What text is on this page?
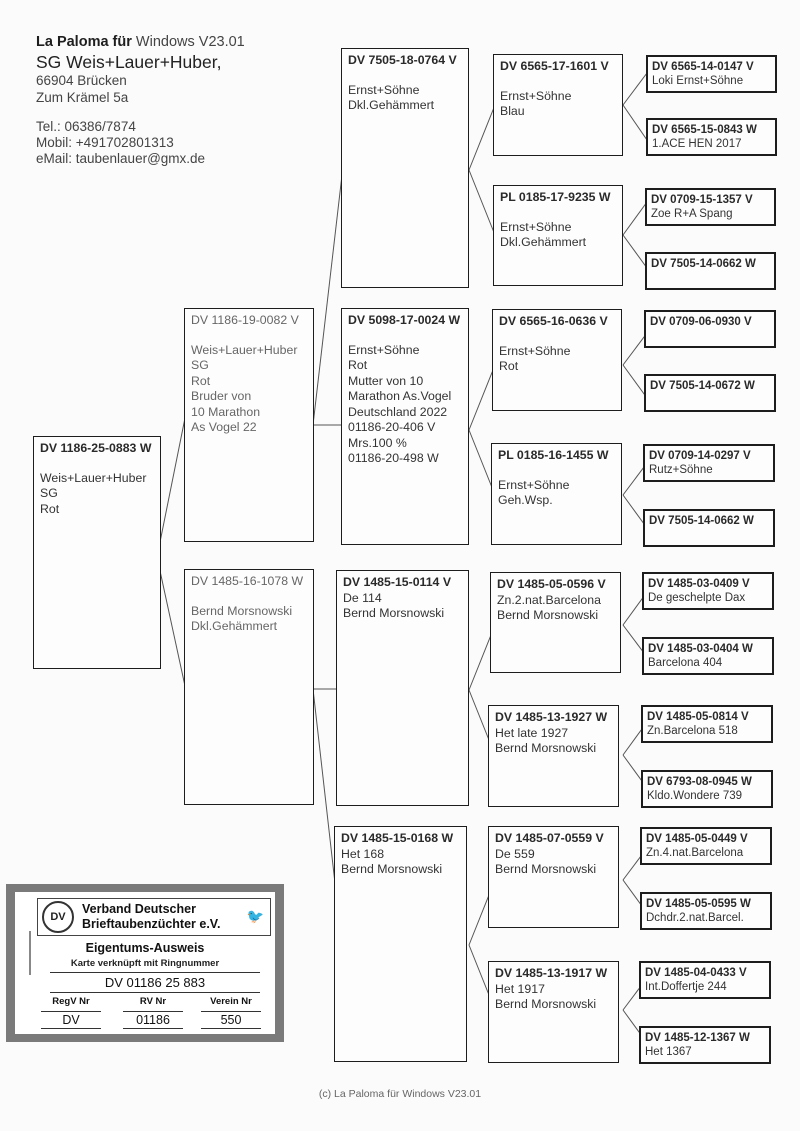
La Paloma für Windows V23.01
SG Weis+Lauer+Huber,
66904 Brücken
Zum Krämel 5a
Tel.: 06386/7874
Mobil: +491702801313
eMail: taubenlauer@gmx.de
DV 1186-25-0883 W
Weis+Lauer+Huber
SG
Rot
DV 1186-19-0082 V
Weis+Lauer+Huber
SG
Rot
Bruder von
10 Marathon
As Vogel 22
DV 1485-16-1078 W
Bernd Morsnowski
Dkl.Gehämmert
DV 7505-18-0764 V
Ernst+Söhne
Dkl.Gehämmert
DV 5098-17-0024 W
Ernst+Söhne
Rot
Mutter von 10
Marathon As.Vogel
Deutschland 2022
01186-20-406 V
Mrs.100 %
01186-20-498 W
DV 1485-15-0114 V
De 114
Bernd Morsnowski
DV 1485-15-0168 W
Het 168
Bernd Morsnowski
DV 6565-17-1601 V
Ernst+Söhne
Blau
PL 0185-17-9235 W
Ernst+Söhne
Dkl.Gehämmert
DV 6565-16-0636 V
Ernst+Söhne
Rot
PL 0185-16-1455 W
Ernst+Söhne
Geh.Wsp.
DV 1485-05-0596 V
Zn.2.nat.Barcelona
Bernd Morsnowski
DV 1485-13-1927 W
Het late 1927
Bernd Morsnowski
DV 1485-07-0559 V
De 559
Bernd Morsnowski
DV 1485-13-1917 W
Het 1917
Bernd Morsnowski
DV 6565-14-0147 V
Loki Ernst+Söhne
DV 6565-15-0843 W
1.ACE HEN 2017
DV 0709-15-1357 V
Zoe R+A Spang
DV 7505-14-0662 W
DV 0709-06-0930 V
DV 7505-14-0672 W
DV 0709-14-0297 V
Rutz+Söhne
DV 7505-14-0662 W
DV 1485-03-0409 V
De geschelpte Dax
DV 1485-03-0404 W
Barcelona 404
DV 1485-05-0814 V
Zn.Barcelona 518
DV 6793-08-0945 W
Kldo.Wondere 739
DV 1485-05-0449 V
Zn.4.nat.Barcelona
DV 1485-05-0595 W
Dchdr.2.nat.Barcel.
DV 1485-04-0433 V
Int.Doffertje 244
DV 1485-12-1367 W
Het 1367
DV
Verband Deutscher
Brieftaubenzüchter e.V. 🐦
Eigentums-Ausweis
Karte verknüpft mit Ringnummer
DV 01186 25 883
RegV Nr
DV
RV Nr
01186
Verein Nr
550
(c) La Paloma für Windows V23.01
